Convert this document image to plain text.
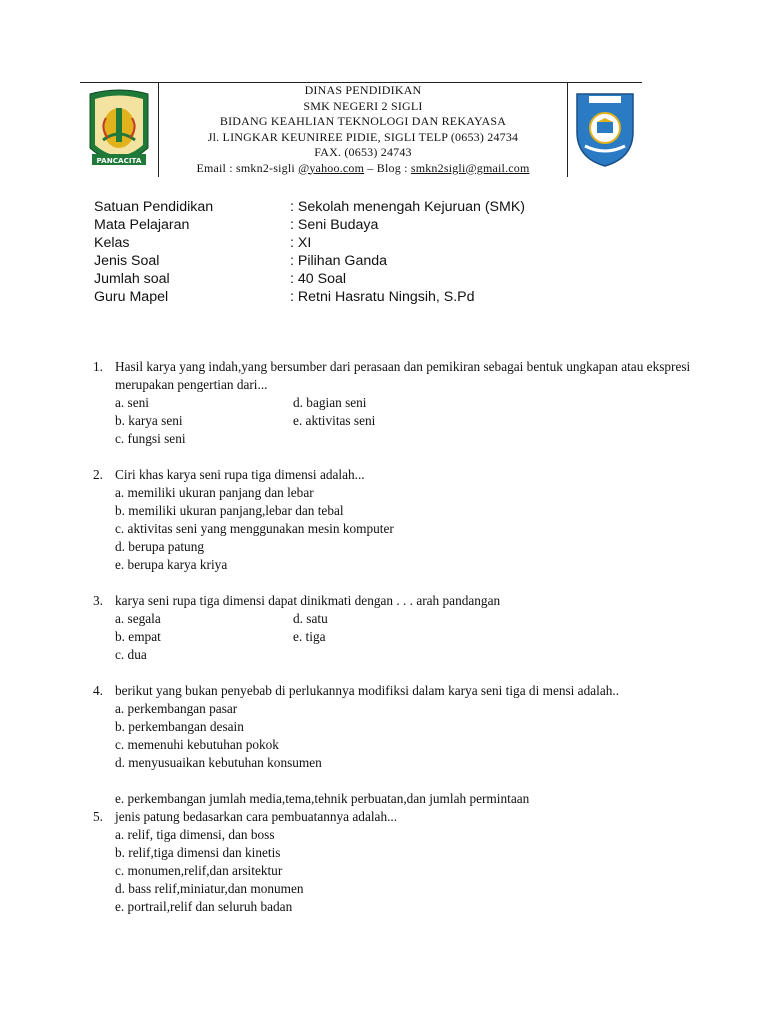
PANCACITA
DINAS PENDIDIKAN
SMK NEGERI 2 SIGLI
BIDANG KEAHLIAN TEKNOLOGI DAN REKAYASA
Jl. LINGKAR KEUNIREE PIDIE, SIGLI TELP (0653) 24734
FAX. (0653) 24743
Email : smkn2-sigli @yahoo.com – Blog : smkn2sigli@gmail.com
Satuan Pendidikan	: Sekolah menengah Kejuruan (SMK)
Mata Pelajaran	: Seni Budaya
Kelas	: XI
Jenis Soal	: Pilihan Ganda
Jumlah soal	: 40 Soal
Guru Mapel	: Retni Hasratu Ningsih, S.Pd
1. Hasil karya yang indah,yang bersumber dari perasaan dan pemikiran sebagai bentuk ungkapan atau ekspresi merupakan pengertian dari...
a. seni	d. bagian seni
b. karya seni	e. aktivitas seni
c. fungsi seni
2. Ciri khas karya seni rupa tiga dimensi adalah...
a. memiliki ukuran panjang dan lebar
b. memiliki ukuran panjang,lebar dan tebal
c. aktivitas seni yang menggunakan mesin komputer
d. berupa patung
e. berupa karya kriya
3. karya seni rupa tiga dimensi dapat dinikmati dengan . . . arah pandangan
a. segala	d. satu
b. empat	e. tiga
c. dua
4. berikut yang bukan penyebab di perlukannya modifiksi dalam karya seni tiga di mensi adalah..
a. perkembangan pasar
b. perkembangan desain
c. memenuhi kebutuhan pokok
d. menyusuaikan kebutuhan konsumen
e. perkembangan jumlah media,tema,tehnik perbuatan,dan jumlah permintaan
5. jenis patung bedasarkan cara pembuatannya adalah...
a. relif, tiga dimensi, dan boss
b. relif,tiga dimensi dan kinetis
c. monumen,relif,dan arsitektur
d. bass relif,miniatur,dan monumen
e. portrail,relif dan seluruh badan
